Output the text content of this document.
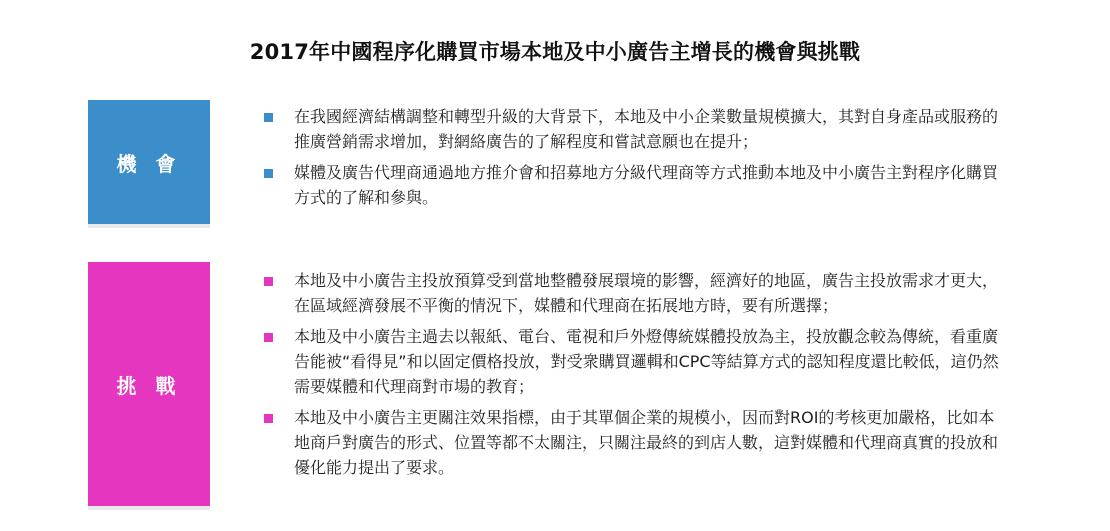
2017年中國程序化購買市場本地及中小廣告主增長的機會與挑戰
機 會
在我國經濟結構調整和轉型升級的大背景下，本地及中小企業數量規模擴大，其對自身產品或服務的推廣營銷需求增加，對網絡廣告的了解程度和嘗試意願也在提升；
媒體及廣告代理商通過地方推介會和招募地方分級代理商等方式推動本地及中小廣告主對程序化購買方式的了解和參與。
挑 戰
本地及中小廣告主投放預算受到當地整體發展環境的影響，經濟好的地區，廣告主投放需求才更大，在區域經濟發展不平衡的情況下，媒體和代理商在拓展地方時，要有所選擇；
本地及中小廣告主過去以報紙、電台、電視和戶外燈傳統媒體投放為主，投放觀念較為傳統，看重廣告能被“看得見”和以固定價格投放，對受衆購買邏輯和CPC等結算方式的認知程度還比較低，這仍然需要媒體和代理商對市場的教育；
本地及中小廣告主更關注效果指標，由于其單個企業的規模小，因而對ROI的考核更加嚴格，比如本地商戶對廣告的形式、位置等都不太關注，只關注最終的到店人數，這對媒體和代理商真實的投放和優化能力提出了要求。
